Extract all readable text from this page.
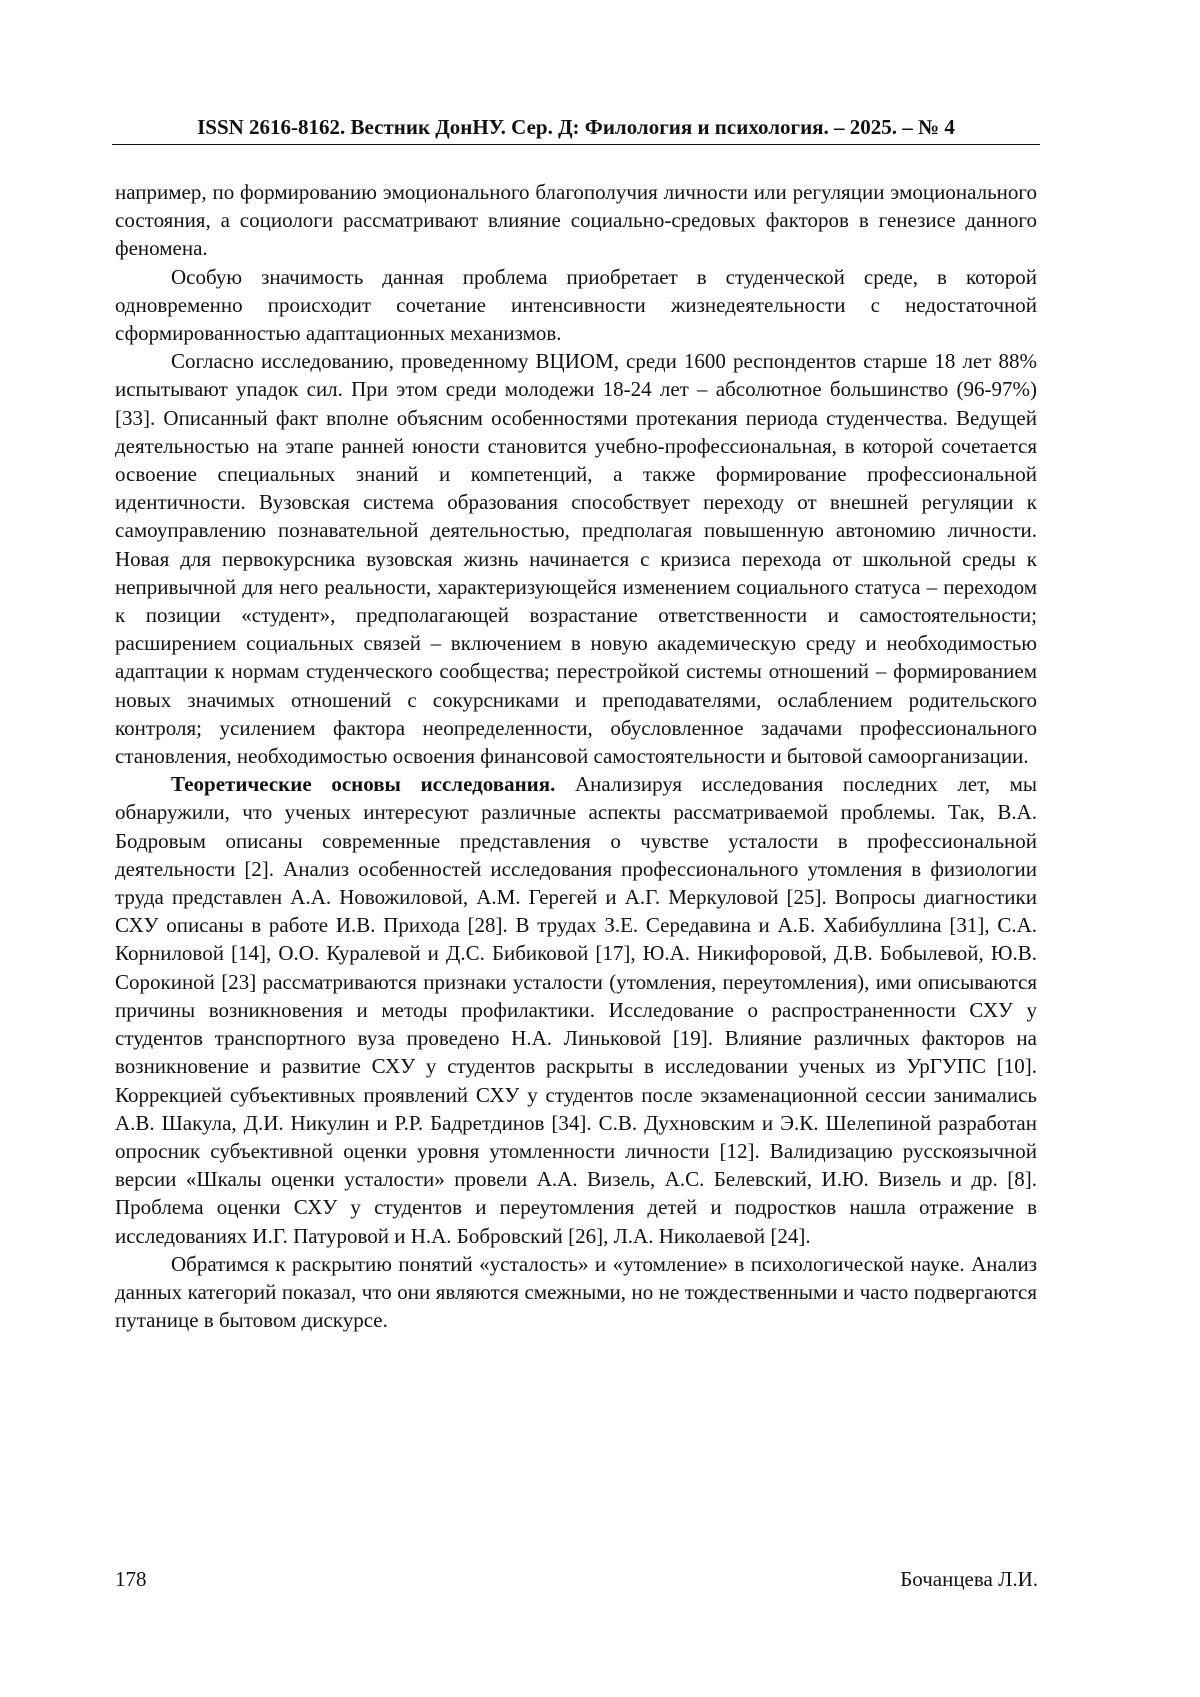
ISSN 2616-8162. Вестник ДонНУ. Сер. Д: Филология и психология. – 2025. – № 4

например, по формированию эмоционального благополучия личности или регуляции эмоционального состояния, а социологи рассматривают влияние социально-средовых факторов в генезисе данного феномена.

Особую значимость данная проблема приобретает в студенческой среде, в которой одновременно происходит сочетание интенсивности жизнедеятельности с недостаточной сформированностью адаптационных механизмов.

Согласно исследованию, проведенному ВЦИОМ, среди 1600 респондентов старше 18 лет 88% испытывают упадок сил. При этом среди молодежи 18-24 лет – абсолютное большинство (96-97%) [33]. Описанный факт вполне объясним особенностями протекания периода студенчества. Ведущей деятельностью на этапе ранней юности становится учебно-профессиональная, в которой сочетается освоение специальных знаний и компетенций, а также формирование профессиональной идентичности. Вузовская система образования способствует переходу от внешней регуляции к самоуправлению познавательной деятельностью, предполагая повышенную автономию личности. Новая для первокурсника вузовская жизнь начинается с кризиса перехода от школьной среды к непривычной для него реальности, характеризующейся изменением социального статуса – переходом к позиции «студент», предполагающей возрастание ответственности и самостоятельности; расширением социальных связей – включением в новую академическую среду и необходимостью адаптации к нормам студенческого сообщества; перестройкой системы отношений – формированием новых значимых отношений с сокурсниками и преподавателями, ослаблением родительского контроля; усилением фактора неопределенности, обусловленное задачами профессионального становления, необходимостью освоения финансовой самостоятельности и бытовой самоорганизации.

Теоретические основы исследования. Анализируя исследования последних лет, мы обнаружили, что ученых интересуют различные аспекты рассматриваемой проблемы. Так, В.А. Бодровым описаны современные представления о чувстве усталости в профессиональной деятельности [2]. Анализ особенностей исследования профессионального утомления в физиологии труда представлен А.А. Новожиловой, А.М. Герегей и А.Г. Меркуловой [25]. Вопросы диагностики СХУ описаны в работе И.В. Прихода [28]. В трудах З.Е. Середавина и А.Б. Хабибуллина [31], С.А. Корниловой [14], О.О. Куралевой и Д.С. Бибиковой [17], Ю.А. Никифоровой, Д.В. Бобылевой, Ю.В. Сорокиной [23] рассматриваются признаки усталости (утомления, переутомления), ими описываются причины возникновения и методы профилактики. Исследование о распространенности СХУ у студентов транспортного вуза проведено Н.А. Линьковой [19]. Влияние различных факторов на возникновение и развитие СХУ у студентов раскрыты в исследовании ученых из УрГУПС [10]. Коррекцией субъективных проявлений СХУ у студентов после экзаменационной сессии занимались А.В. Шакула, Д.И. Никулин и Р.Р. Бадретдинов [34]. С.В. Духновским и Э.К. Шелепиной разработан опросник субъективной оценки уровня утомленности личности [12]. Валидизацию русскоязычной версии «Шкалы оценки усталости» провели А.А. Визель, А.С. Белевский, И.Ю. Визель и др. [8]. Проблема оценки СХУ у студентов и переутомления детей и подростков нашла отражение в исследованиях И.Г. Патуровой и Н.А. Бобровский [26], Л.А. Николаевой [24].

Обратимся к раскрытию понятий «усталость» и «утомление» в психологической науке. Анализ данных категорий показал, что они являются смежными, но не тождественными и часто подвергаются путанице в бытовом дискурсе.

178	Бочанцева Л.И.
